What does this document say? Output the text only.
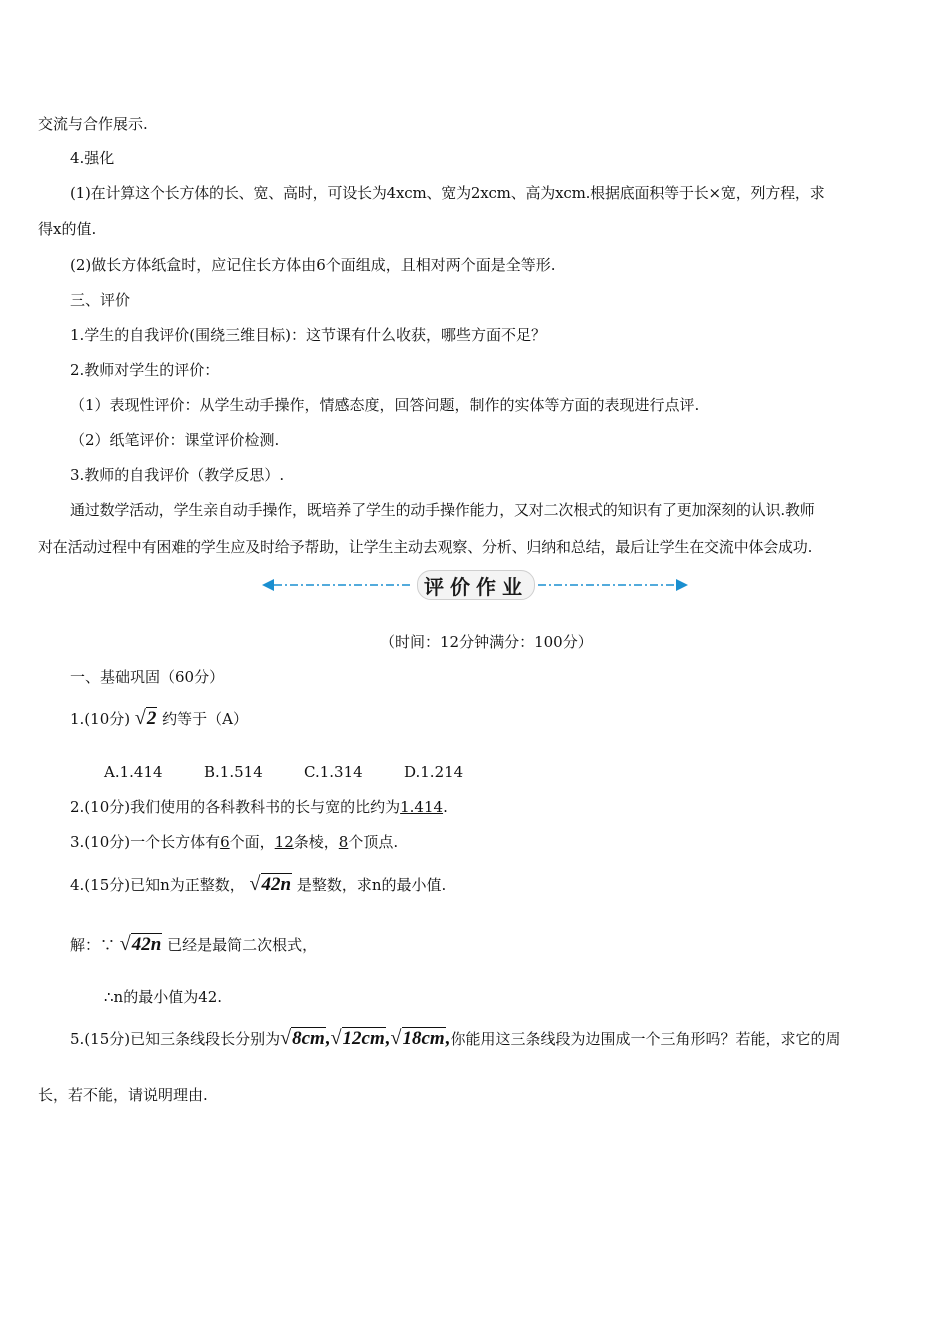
交流与合作展示.
4.强化
(1)在计算这个长方体的长、宽、高时，可设长为4xcm、宽为2xcm、高为xcm.根据底面积等于长×宽，列方程，求
得x的值.
(2)做长方体纸盒时，应记住长方体由6个面组成，且相对两个面是全等形.
三、评价
1.学生的自我评价(围绕三维目标)：这节课有什么收获，哪些方面不足？
2.教师对学生的评价：
（1）表现性评价：从学生动手操作，情感态度，回答问题，制作的实体等方面的表现进行点评.
（2）纸笔评价：课堂评价检测.
3.教师的自我评价（教学反思）.
通过数学活动，学生亲自动手操作，既培养了学生的动手操作能力，又对二次根式的知识有了更加深刻的认识.教师
对在活动过程中有困难的学生应及时给予帮助，让学生主动去观察、分析、归纳和总结，最后让学生在交流中体会成功.
评价作业
（时间：12分钟满分：100分）
一、基础巩固（60分）
1.(10分) √2 约等于（A）
A.1.414	B.1.514	C.1.314	D.1.214
2.(10分)我们使用的各科教科书的长与宽的比约为1.414.
3.(10分)一个长方体有6个面，12条棱，8个顶点.
4.(15分)已知n为正整数， √42n 是整数，求n的最小值.
解：∵ √42n 已经是最简二次根式，
∴n的最小值为42.
5.(15分)已知三条线段长分别为√8cm,√12cm,√18cm,你能用这三条线段为边围成一个三角形吗？若能，求它的周
长，若不能，请说明理由.
